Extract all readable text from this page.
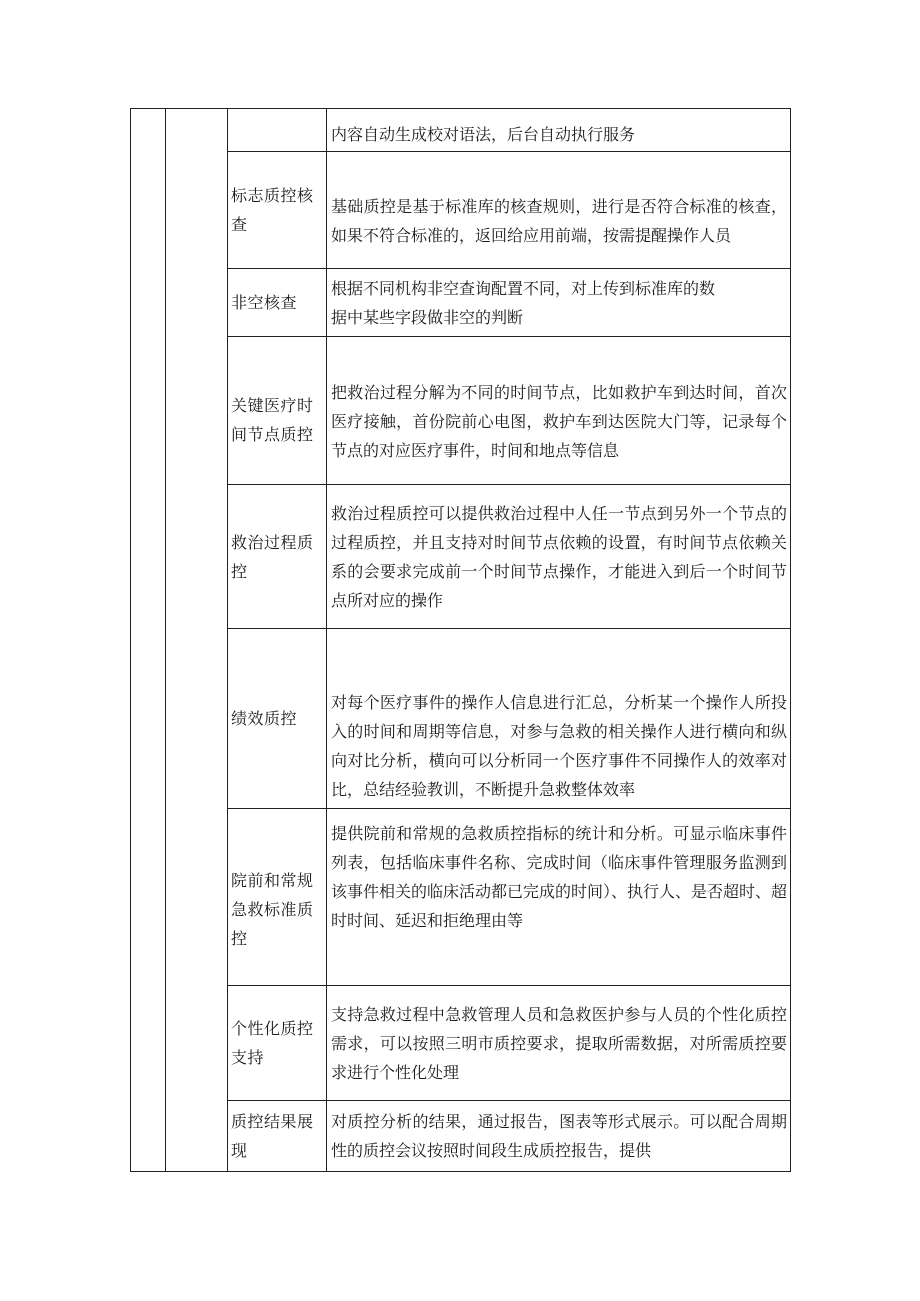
			内容自动生成校对语法，后台自动执行服务

		标志质控核查	基础质控是基于标准库的核查规则，进行是否符合标准的核查，如果不符合标准的，返回给应用前端，按需提醒操作人员

		非空核查	根据不同机构非空查询配置不同，对上传到标准库的数
据中某些字段做非空的判断

		关键医疗时间节点质控	把救治过程分解为不同的时间节点，比如救护车到达时间，首次医疗接触，首份院前心电图，救护车到达医院大门等，记录每个节点的对应医疗事件，时间和地点等信息

		救治过程质控	救治过程质控可以提供救治过程中人任一节点到另外一个节点的过程质控，并且支持对时间节点依赖的设置，有时间节点依赖关系的会要求完成前一个时间节点操作，才能进入到后一个时间节点所对应的操作

		绩效质控	对每个医疗事件的操作人信息进行汇总，分析某一个操作人所投入的时间和周期等信息，对参与急救的相关操作人进行横向和纵向对比分析，横向可以分析同一个医疗事件不同操作人的效率对比，总结经验教训，不断提升急救整体效率

		院前和常规急救标准质控	提供院前和常规的急救质控指标的统计和分析。可显示临床事件列表，包括临床事件名称、完成时间（临床事件管理服务监测到该事件相关的临床活动都已完成的时间）、执行人、是否超时、超时时间、延迟和拒绝理由等

		个性化质控支持	支持急救过程中急救管理人员和急救医护参与人员的个性化质控需求，可以按照三明市质控要求，提取所需数据，对所需质控要求进行个性化处理

		质控结果展现	对质控分析的结果，通过报告，图表等形式展示。可以配合周期性的质控会议按照时间段生成质控报告，提供
